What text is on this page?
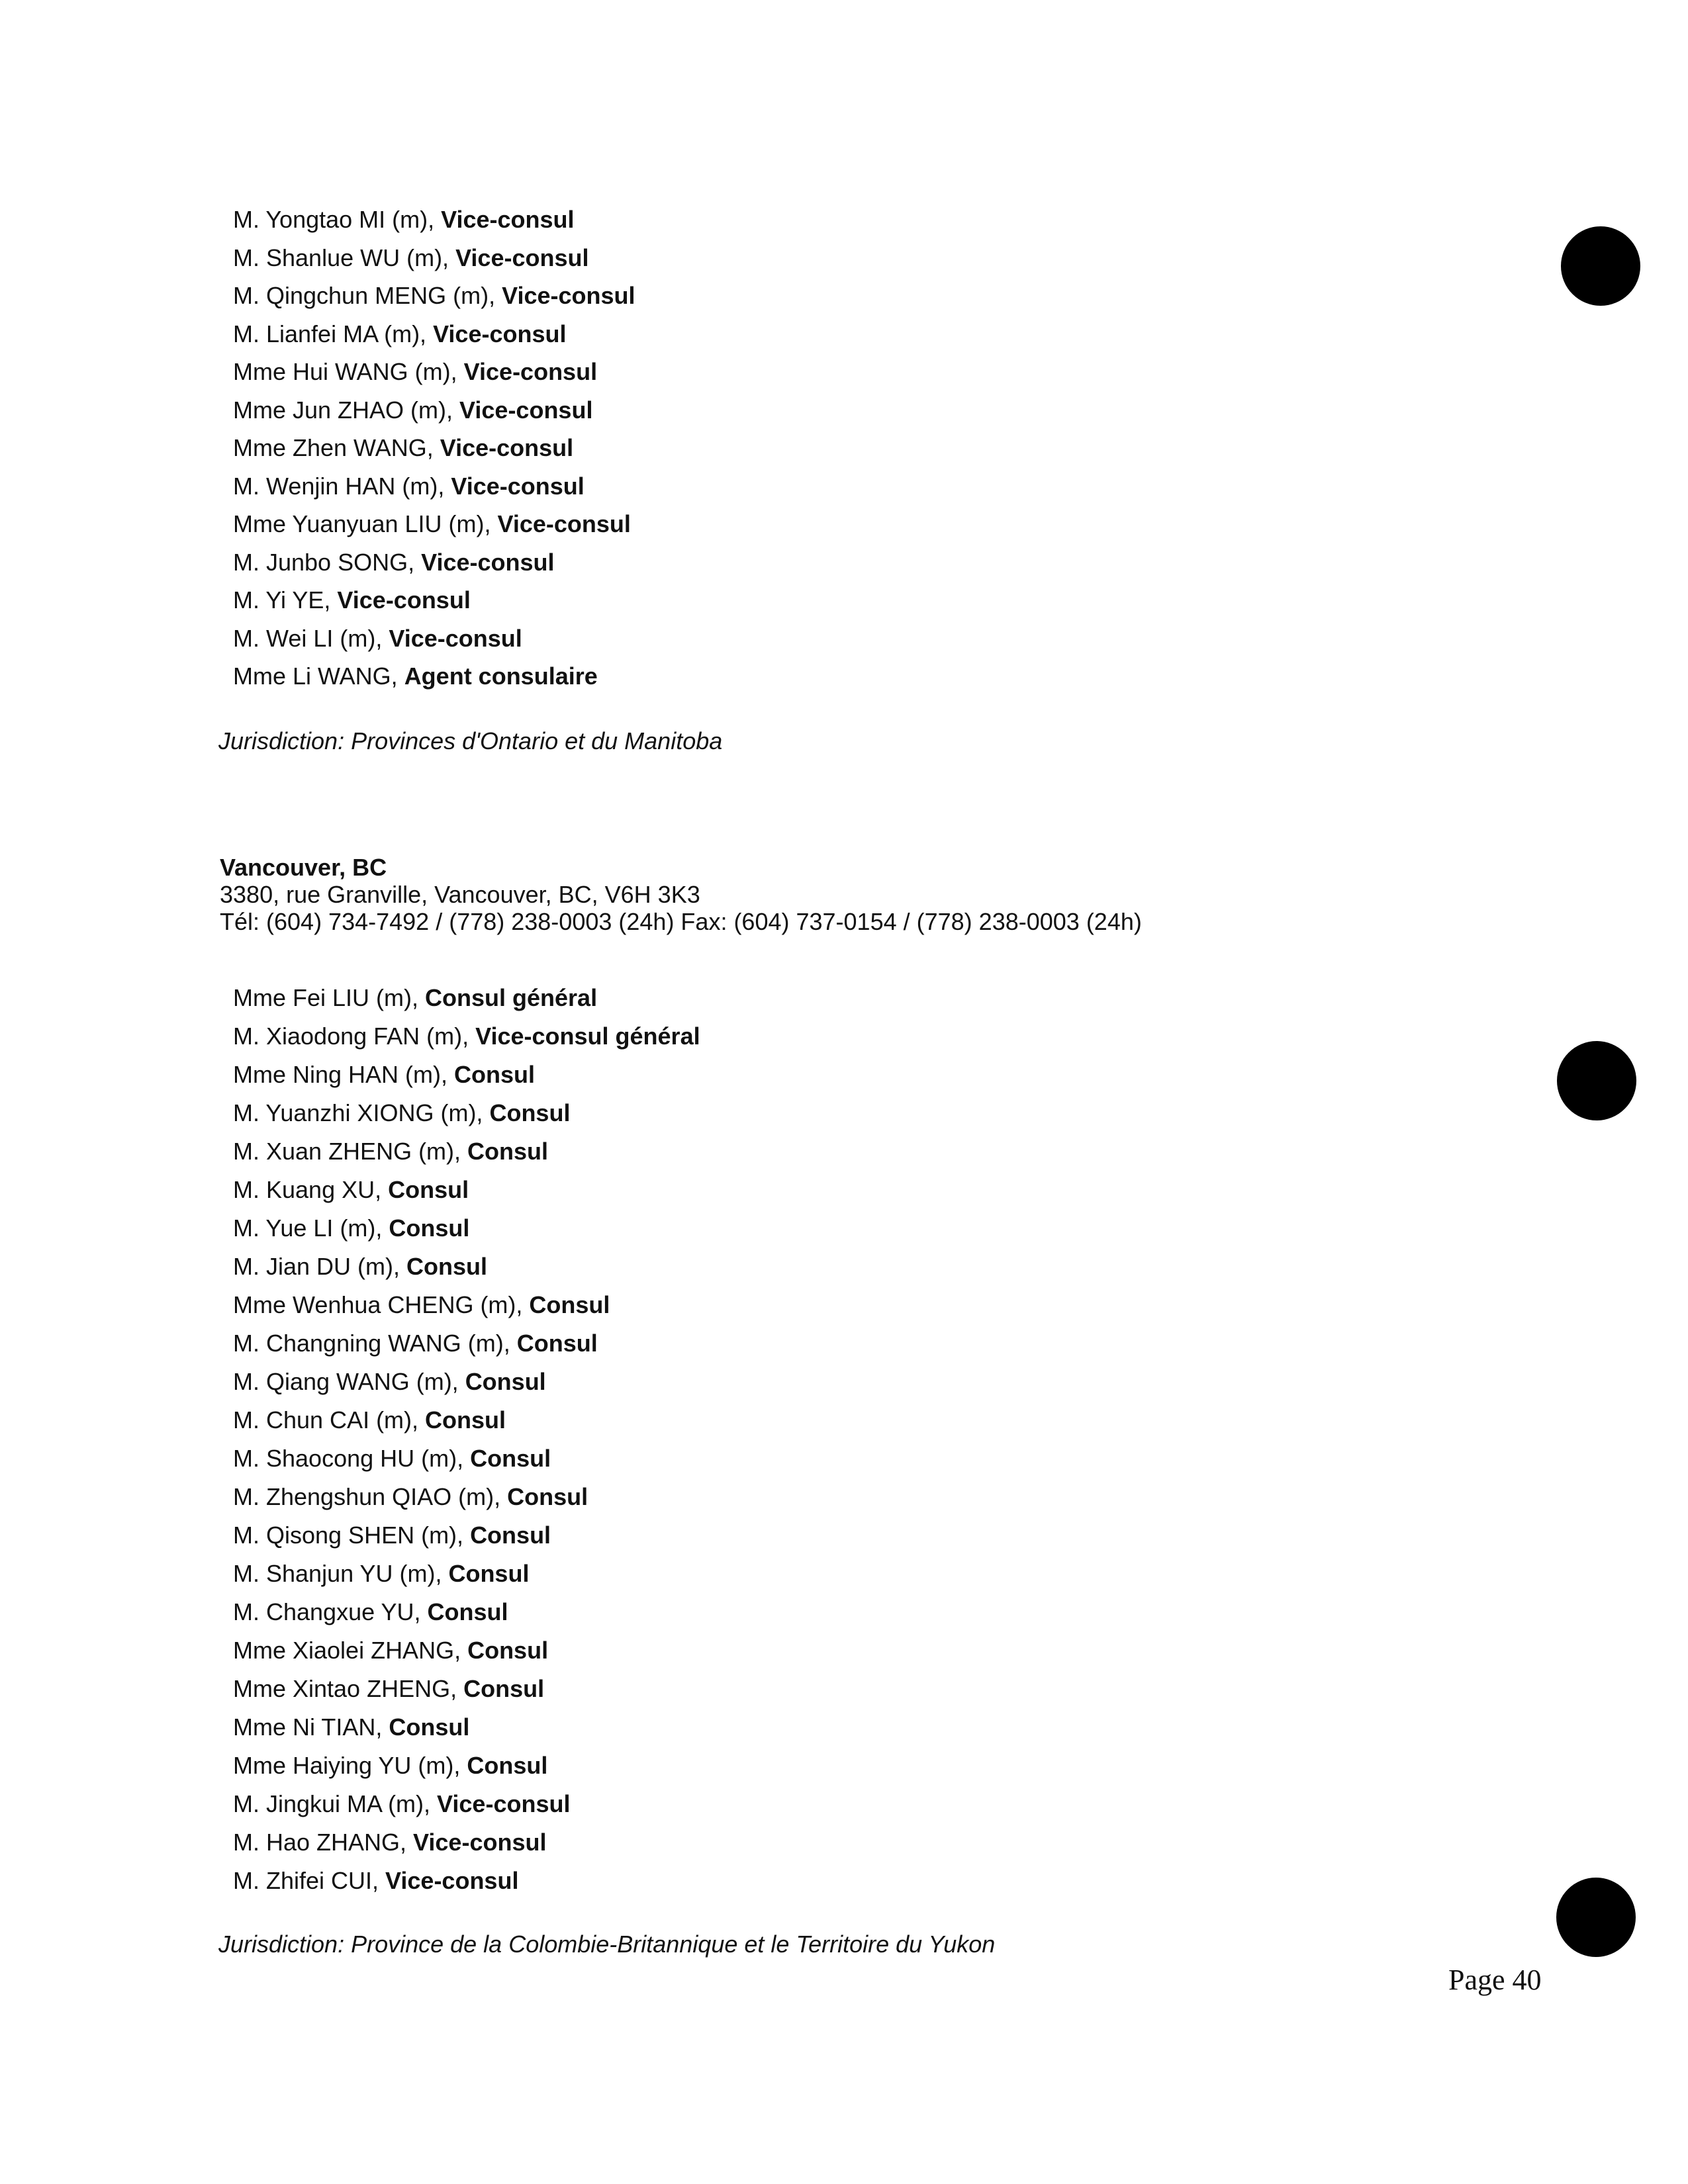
M. Yongtao MI (m), Vice-consul
M. Shanlue WU (m), Vice-consul
M. Qingchun MENG (m), Vice-consul
M. Lianfei MA (m), Vice-consul
Mme Hui WANG (m), Vice-consul
Mme Jun ZHAO (m), Vice-consul
Mme Zhen WANG, Vice-consul
M. Wenjin HAN (m), Vice-consul
Mme Yuanyuan LIU (m), Vice-consul
M. Junbo SONG, Vice-consul
M. Yi YE, Vice-consul
M. Wei LI (m), Vice-consul
Mme Li WANG, Agent consulaire
Jurisdiction: Provinces d'Ontario et du Manitoba
Vancouver, BC
3380, rue Granville, Vancouver, BC, V6H 3K3
Tél: (604) 734-7492 / (778) 238-0003 (24h) Fax: (604) 737-0154 / (778) 238-0003 (24h)
Mme Fei LIU (m), Consul général
M. Xiaodong FAN (m), Vice-consul général
Mme Ning HAN (m), Consul
M. Yuanzhi XIONG (m), Consul
M. Xuan ZHENG (m), Consul
M. Kuang XU, Consul
M. Yue LI (m), Consul
M. Jian DU (m), Consul
Mme Wenhua CHENG (m), Consul
M. Changning WANG (m), Consul
M. Qiang WANG (m), Consul
M. Chun CAI (m), Consul
M. Shaocong HU (m), Consul
M. Zhengshun QIAO (m), Consul
M. Qisong SHEN (m), Consul
M. Shanjun YU (m), Consul
M. Changxue YU, Consul
Mme Xiaolei ZHANG, Consul
Mme Xintao ZHENG, Consul
Mme Ni TIAN, Consul
Mme Haiying YU (m), Consul
M. Jingkui MA (m), Vice-consul
M. Hao ZHANG, Vice-consul
M. Zhifei CUI, Vice-consul
Jurisdiction: Province de la Colombie-Britannique et le Territoire du Yukon
Page 40
